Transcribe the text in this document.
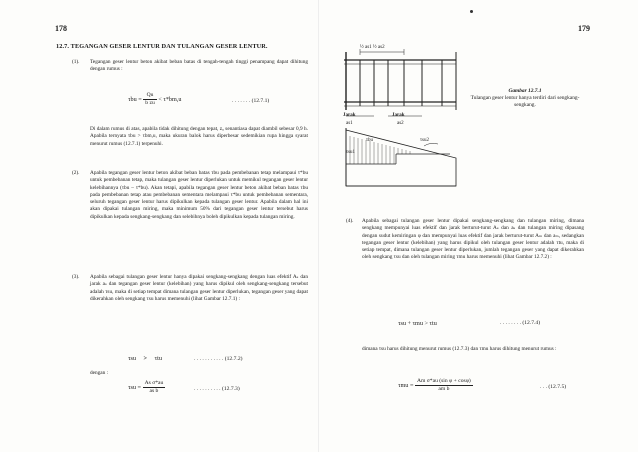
178	179
12.7. TEGANGAN GESER LENTUR DAN TULANGAN GESER LENTUR.
(1). Tegangan geser lentur beton akibat beban batas di tengah-tengah tinggi penampang dapat dihitung dengan rumus :
$\tau bu = \frac{Qu}{\text{b zu}} < \tau*bm,u$	. . . . . . . (12.7.1)
Di dalam rumus di atas, apabila tidak dihitung dengan tepat, zᵤ senantiasa dapat diambil sebesar 0,9 h. Apabila ternyata τbu > τbm,u, maka ukuran balok harus diperbesar sedemikian rupa hingga syarat menurut rumus (12.7.1) terpenuhi.
(2). Apabila tegangan geser lentur beton akibat beban batas τbu pada pembebanan tetap melampaui τ*bu untuk pembebanan tetap, maka tulangan geser lentur diperlukan untuk memikul tegangan geser lentur kelebihannya (τbu – τ*bu). Akan tetapi, apabila tegangan geser lentur beton akibat beban batas τbu pada pembebanan tetap atau pembebanan sementara melampaui τ*bu untuk pembebanan sementara, seluruh tegangan geser lentur harus dipikulkan kepada tulangan geser lentur. Apabila dalam hal ini akan dipakai tulangan miring, maka minimum 50% dari tegangan geser lentur tersebut harus dipikulkan kepada sengkang-sengkang dan selebihnya boleh dipikulkan kepada tulangan miring.
(3). Apabila sebagai tulangan geser lentur hanya dipakai sengkang-sengkang dengan luas efektif Aₛ dan jarak aₛ dan tegangan geser lentur (kelebihan) yang harus dipikul oleh sengkang-sengkang tersebut adalah τsu, maka di setiap tempat dimana tulangan geser lentur diperlukan, tegangan geser yang dapat dikerahkan oleh sengkang τsu harus memenuhi (lihat Gambar 12.7.1) :
τsu > τtu	. . . . . . . . . . . (12.7.2)
dengan :
$\tau su = \frac{\text{As σ*au}}{\text{as b}}$	. . . . . . . . . . (12.7.3)
½ as1 ½ as2
Jarak	Jarak
as1	as2
τsu1
τbu	τsu2
Gambar 12.7.1
Tulangan geser lentur hanya terdiri dari sengkang-sengkang.
(4). Apabila sebagai tulangan geser lentur dipakai sengkang-sengkang dan tulangan miring, dimana sengkang mempunyai luas efektif dan jarak berturut-turut Aₛ dan aₛ dan tulangan miring dipasang dengan sudut kemiringan φ dan mempunyai luas efektif dan jarak berturut-turut Aₘ dan aₘ, sedangkan tegangan geser lentur (kelebihan) yang harus dipikul oleh tulangan geser lentur adalah τtu, maka di setiap tempat, dimana tulangan geser lentur diperlukan, jumlah tegangan geser yang dapat dikerahkan oleh sengkang τsu dan oleh tulangan miring τmu harus memenuhi (lihat Gambar 12.7.2) :
τsu + τmu > τtu	. . . . . . . . (12.7.4)
dimana τsu harus dihitung menurut rumus (12.7.3) dan τmu harus dihitung menurut rumus :
$\tau mu = \frac{\text{Am σ*au (sin φ + cosφ)}}{\text{am b}}$	. . . (12.7.5)
